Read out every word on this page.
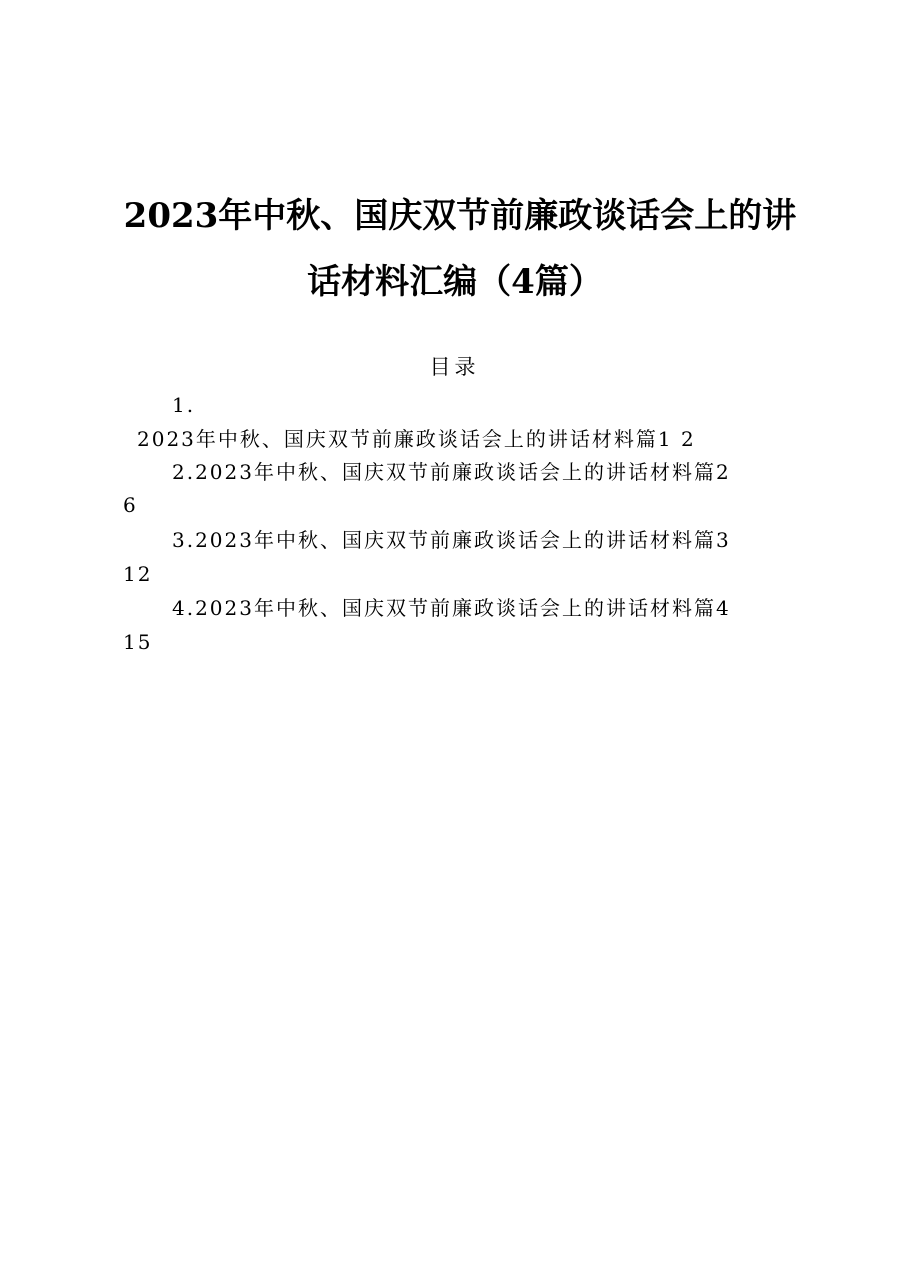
2023年中秋、国庆双节前廉政谈话会上的讲
话材料汇编（4篇）
目录
1.
2023年中秋、国庆双节前廉政谈话会上的讲话材料篇1 2
2.2023年中秋、国庆双节前廉政谈话会上的讲话材料篇2
6
3.2023年中秋、国庆双节前廉政谈话会上的讲话材料篇3
12
4.2023年中秋、国庆双节前廉政谈话会上的讲话材料篇4
15
